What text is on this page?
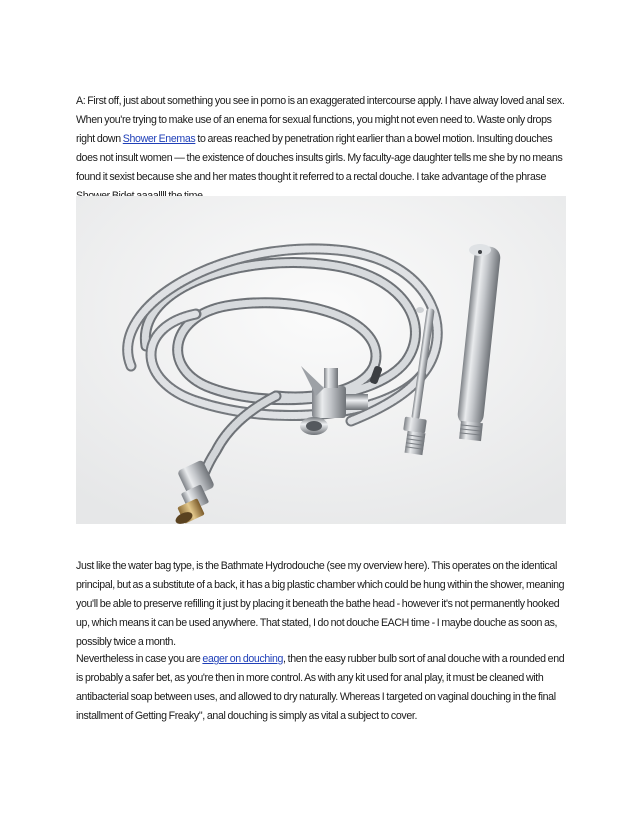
A: First off, just about something you see in porno is an exaggerated intercourse apply. I have alway loved anal sex. When you're trying to make use of an enema for sexual functions, you might not even need to. Waste only drops right down Shower Enemas to areas reached by penetration right earlier than a bowel motion. Insulting douches does not insult women — the existence of douches insults girls. My faculty-age daughter tells me she by no means found it sexist because she and her mates thought it referred to a rectal douche. I take advantage of the phrase

Just like the water bag type, is the Bathmate Hydrodouche (see my overview here). This operates on the identical principal, but as a substitute of a back, it has a big plastic chamber which could be hung within the shower, meaning you'll be able to preserve refilling it just by placing it beneath the bathe head - however it's not permanently hooked up, which means it can be used anywhere. That stated, I do not douche EACH time - I maybe douche as soon as, possibly twice a month.

Nevertheless in case you are eager on douching, then the easy rubber bulb sort of anal douche with a rounded end is probably a safer bet, as you're then in more control. As with any kit used for anal play, it must be cleaned with antibacterial soap between uses, and allowed to dry naturally. Whereas I targeted on vaginal douching in the final installment of Getting Freaky", anal douching is simply as vital a subject to cover.
